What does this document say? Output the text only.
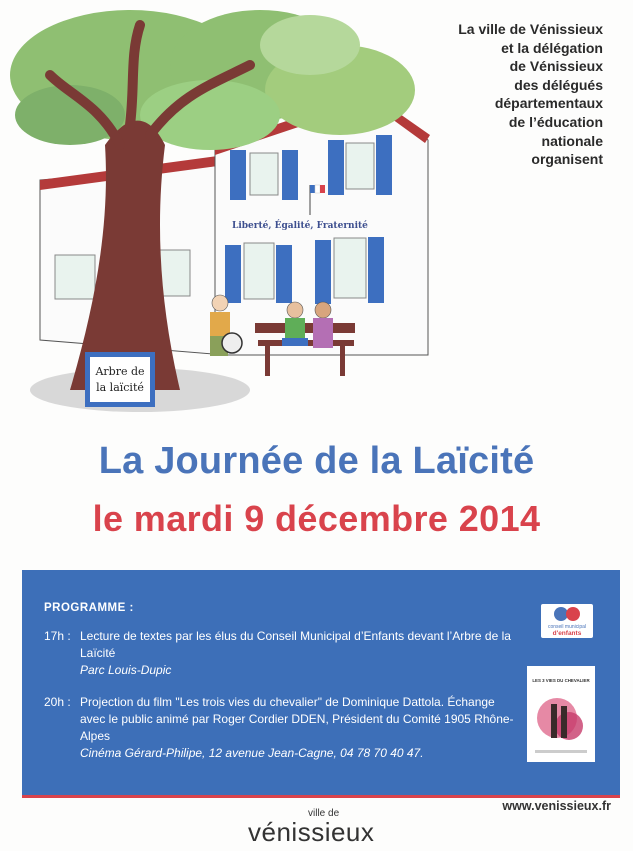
Liberté, Égalité, Fraternité
Arbre de
la laïcité
La ville de Vénissieux
et la délégation
de Vénissieux
des délégués
départementaux
de l’éducation
nationale
organisent
La Journée de la Laïcité
le mardi 9 décembre 2014
PROGRAMME :
17h : Lecture de textes par les élus du Conseil Municipal d’Enfants devant l’Arbre de la Laïcité
Parc Louis-Dupic
20h : Projection du film "Les trois vies du chevalier" de Dominique Dattola. Échange avec le public animé par Roger Cordier DDEN, Président du Comité 1905 Rhône-Alpes
Cinéma Gérard-Philipe, 12 avenue Jean-Cagne, 04 78 70 40 47.
conseil municipal
d'enfants
LES 3 VIES DU CHEVALIER
www.venissieux.fr
ville de
vénissieux
